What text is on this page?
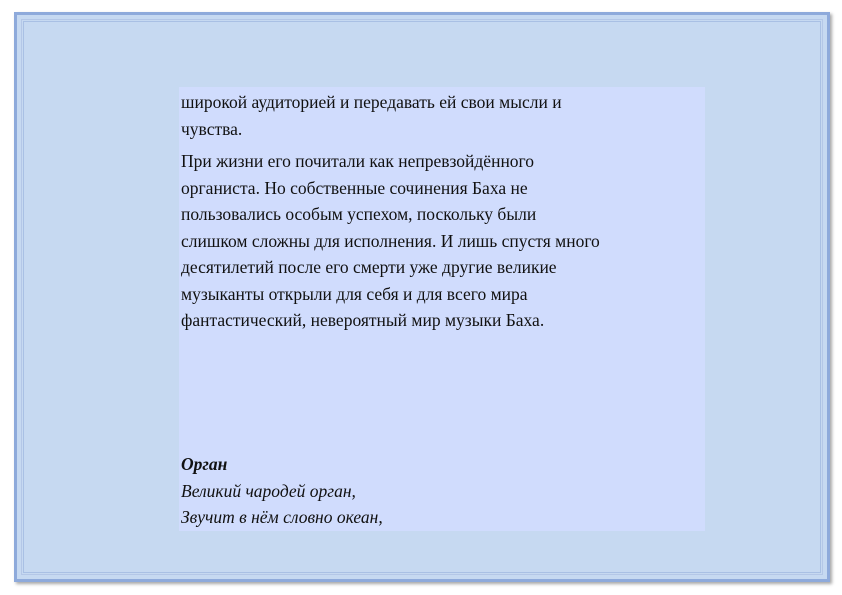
широкой аудиторией и передавать ей свои мысли и
чувства.

При жизни его почитали как непревзойдённого
органиста. Но собственные сочинения Баха не
пользовались особым успехом, поскольку были
слишком сложны для исполнения. И лишь спустя много
десятилетий после его смерти уже другие великие
музыканты открыли для себя и для всего мира
фантастический, невероятный мир музыки Баха.

Орган
Великий чародей орган,
Звучит в нём словно океан,
